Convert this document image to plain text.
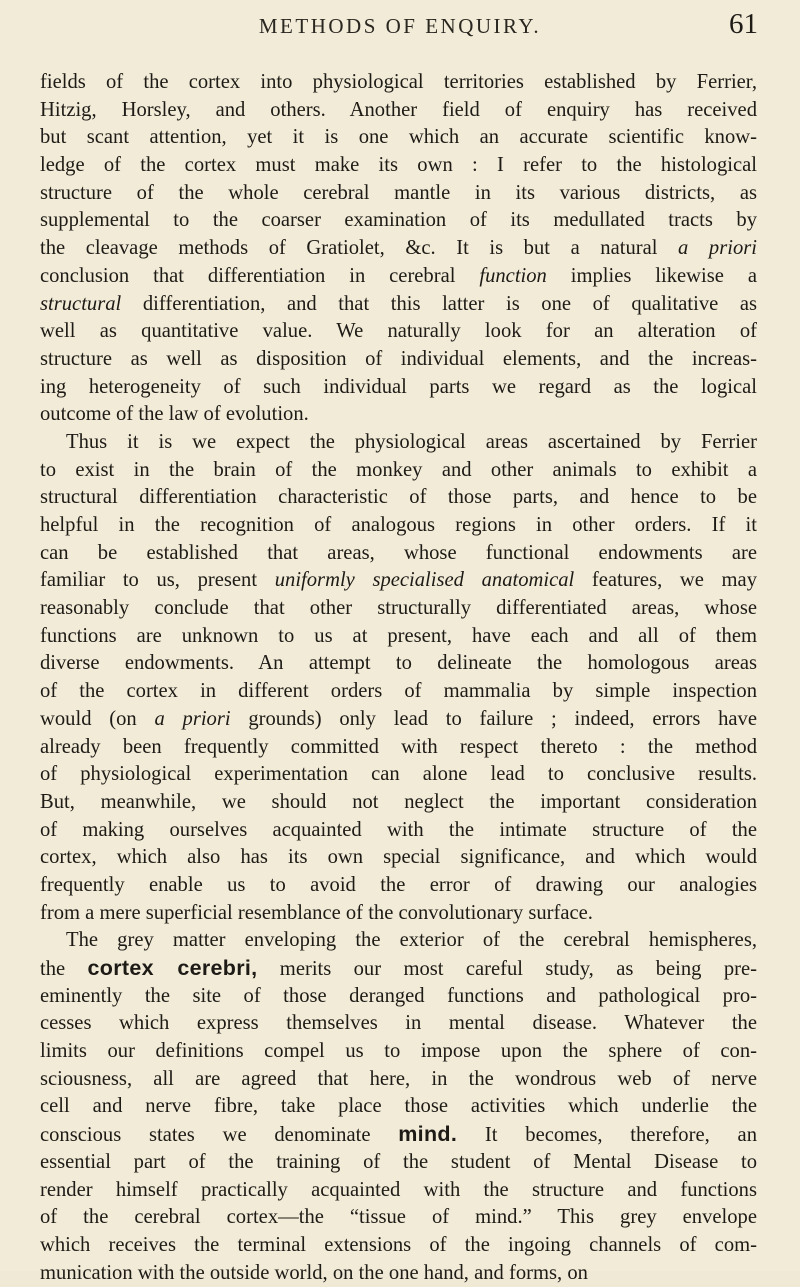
METHODS OF ENQUIRY.	61
fields of the cortex into physiological territories established by Ferrier,
Hitzig, Horsley, and others. Another field of enquiry has received
but scant attention, yet it is one which an accurate scientific know-
ledge of the cortex must make its own : I refer to the histological
structure of the whole cerebral mantle in its various districts, as
supplemental to the coarser examination of its medullated tracts by
the cleavage methods of Gratiolet, &c. It is but a natural a priori
conclusion that differentiation in cerebral function implies likewise a
structural differentiation, and that this latter is one of qualitative as
well as quantitative value. We naturally look for an alteration of
structure as well as disposition of individual elements, and the increas-
ing heterogeneity of such individual parts we regard as the logical
outcome of the law of evolution.
Thus it is we expect the physiological areas ascertained by Ferrier
to exist in the brain of the monkey and other animals to exhibit a
structural differentiation characteristic of those parts, and hence to be
helpful in the recognition of analogous regions in other orders. If it
can be established that areas, whose functional endowments are
familiar to us, present uniformly specialised anatomical features, we may
reasonably conclude that other structurally differentiated areas, whose
functions are unknown to us at present, have each and all of them
diverse endowments. An attempt to delineate the homologous areas
of the cortex in different orders of mammalia by simple inspection
would (on a priori grounds) only lead to failure ; indeed, errors have
already been frequently committed with respect thereto : the method
of physiological experimentation can alone lead to conclusive results.
But, meanwhile, we should not neglect the important consideration
of making ourselves acquainted with the intimate structure of the
cortex, which also has its own special significance, and which would
frequently enable us to avoid the error of drawing our analogies
from a mere superficial resemblance of the convolutionary surface.
The grey matter enveloping the exterior of the cerebral hemispheres,
the cortex cerebri, merits our most careful study, as being pre-
eminently the site of those deranged functions and pathological pro-
cesses which express themselves in mental disease. Whatever the
limits our definitions compel us to impose upon the sphere of con-
sciousness, all are agreed that here, in the wondrous web of nerve
cell and nerve fibre, take place those activities which underlie the
conscious states we denominate mind. It becomes, therefore, an
essential part of the training of the student of Mental Disease to
render himself practically acquainted with the structure and functions
of the cerebral cortex—the “tissue of mind.” This grey envelope
which receives the terminal extensions of the ingoing channels of com-
munication with the outside world, on the one hand, and forms, on
